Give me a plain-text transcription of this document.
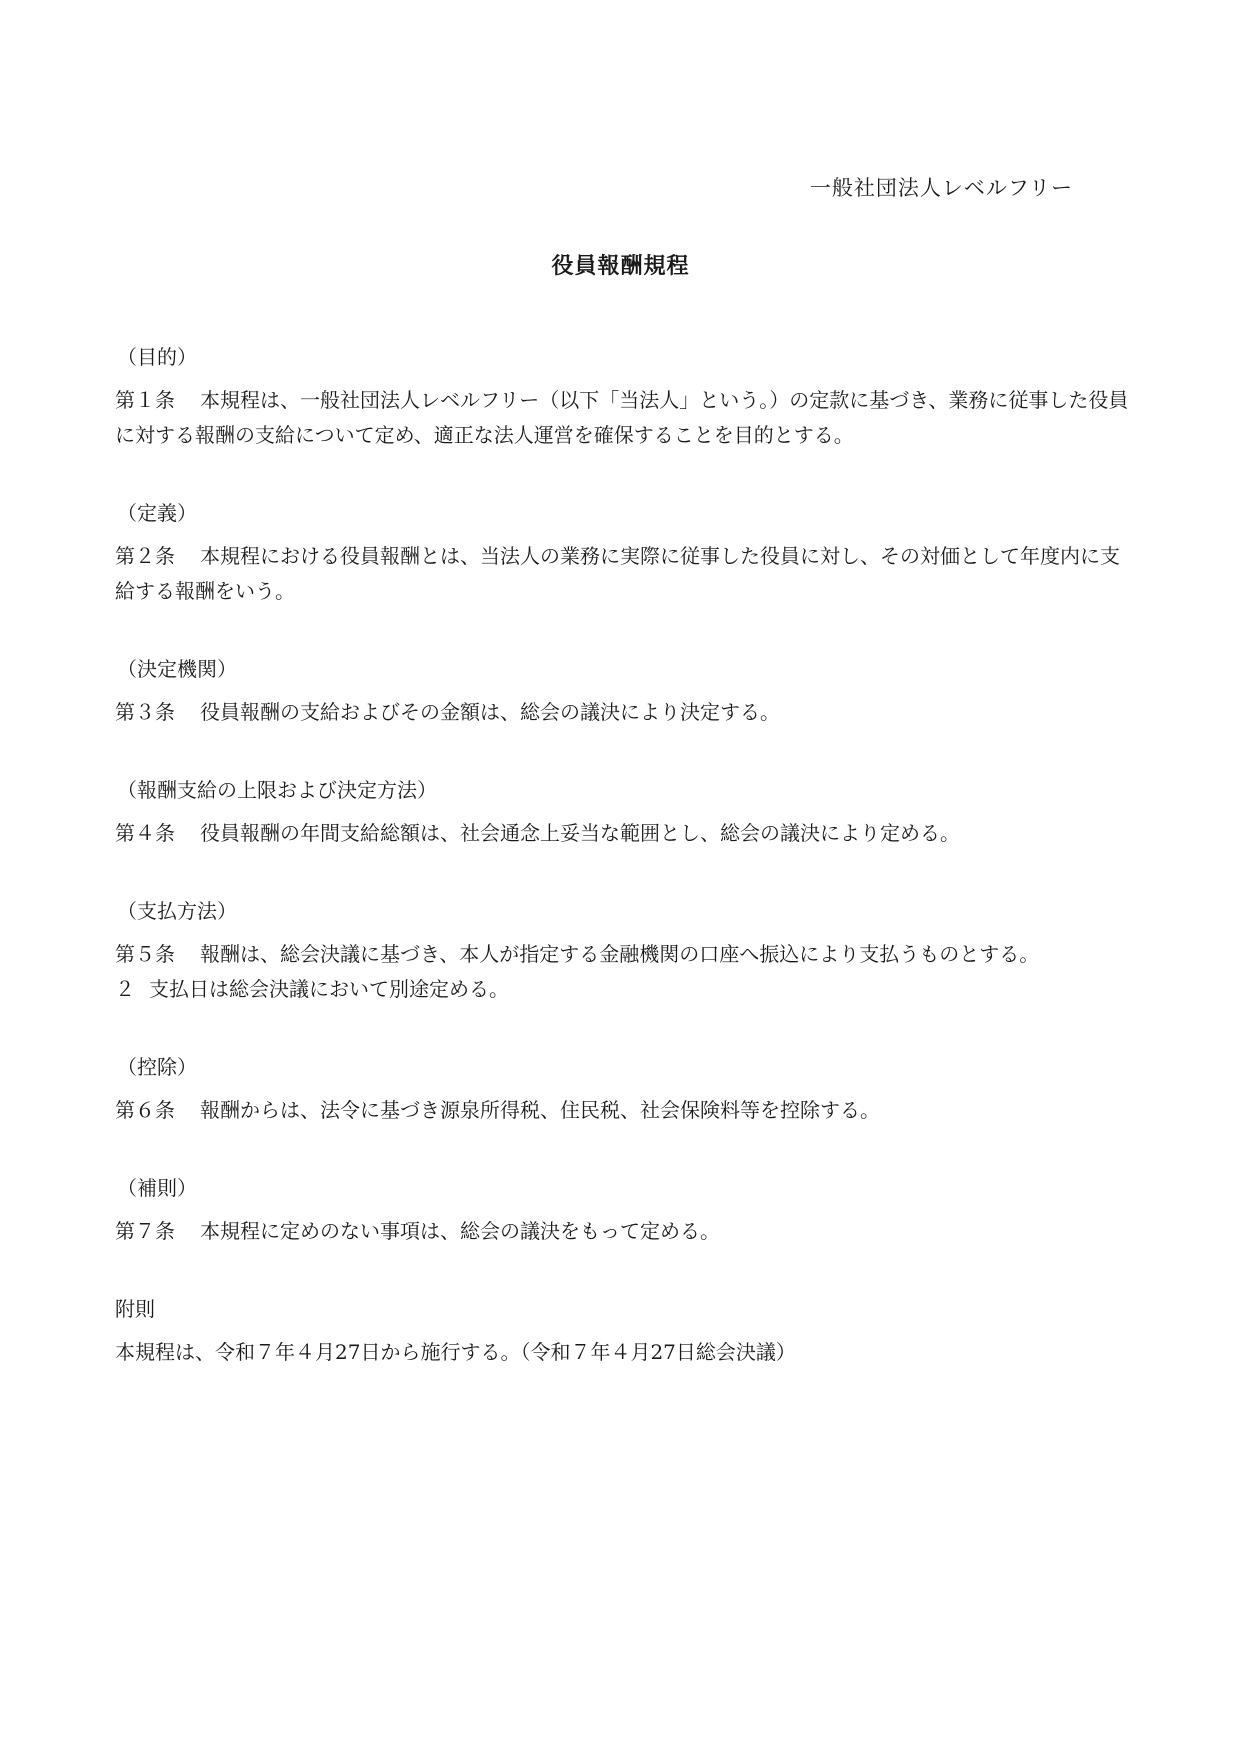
一般社団法人レベルフリー
役員報酬規程
（目的）
第１条 本規程は、一般社団法人レベルフリー（以下「当法人」という。）の定款に基づき、業務に従事した役員に対する報酬の支給について定め、適正な法人運営を確保することを目的とする。
（定義）
第２条 本規程における役員報酬とは、当法人の業務に実際に従事した役員に対し、その対価として年度内に支給する報酬をいう。
（決定機関）
第３条 役員報酬の支給およびその金額は、総会の議決により決定する。
（報酬支給の上限および決定方法）
第４条 役員報酬の年間支給総額は、社会通念上妥当な範囲とし、総会の議決により定める。
（支払方法）
第５条 報酬は、総会決議に基づき、本人が指定する金融機関の口座へ振込により支払うものとする。
２ 支払日は総会決議において別途定める。
（控除）
第６条 報酬からは、法令に基づき源泉所得税、住民税、社会保険料等を控除する。
（補則）
第７条 本規程に定めのない事項は、総会の議決をもって定める。
附則
本規程は、令和７年４月27日から施行する。（令和７年４月27日総会決議）
